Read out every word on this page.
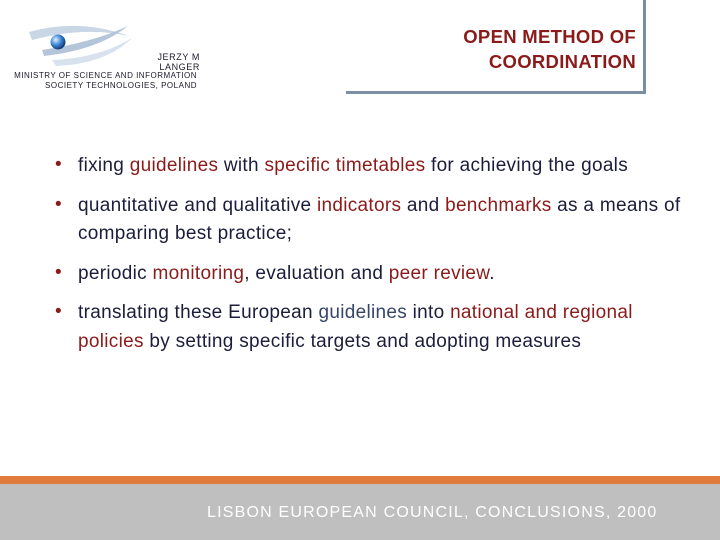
JERZY M LANGER
MINISTRY OF SCIENCE AND INFORMATION
SOCIETY TECHNOLOGIES, POLAND
OPEN METHOD OF
COORDINATION
• fixing guidelines with specific timetables for achieving the goals
• quantitative and qualitative indicators and benchmarks as a means of comparing best practice;
• periodic monitoring, evaluation and peer review.
• translating these European guidelines into national and regional policies by setting specific targets and adopting measures
LISBON EUROPEAN COUNCIL, CONCLUSIONS, 2000
